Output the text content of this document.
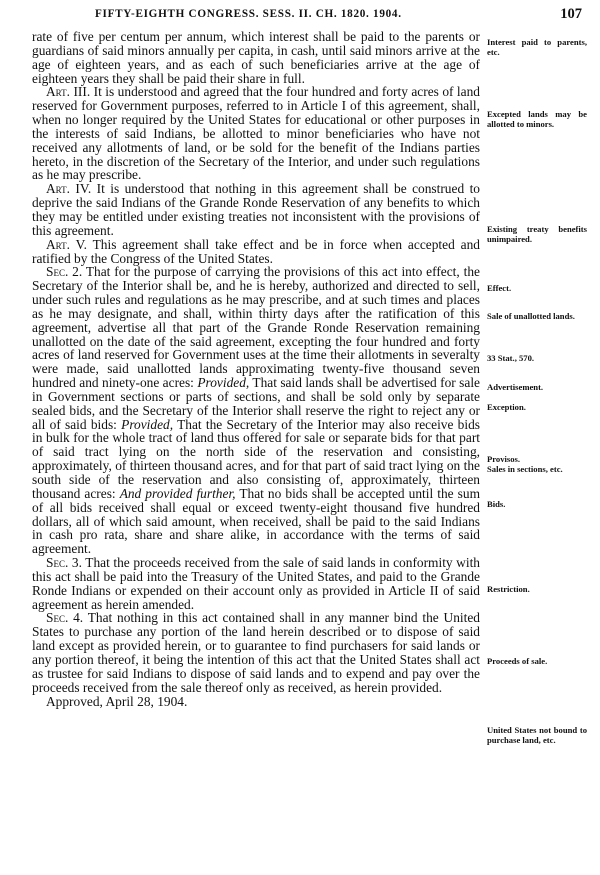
FIFTY-EIGHTH CONGRESS. SESS. II. CH. 1820. 1904.	107

rate of five per centum per annum, which interest shall be paid to the parents or guardians of said minors annually per capita, in cash, until said minors arrive at the age of eighteen years, and as each of such beneficiaries arrive at the age of eighteen years they shall be paid their share in full.

Art. III. It is understood and agreed that the four hundred and forty acres of land reserved for Government purposes, referred to in Article I of this agreement, shall, when no longer required by the United States for educational or other purposes in the interests of said Indians, be allotted to minor beneficiaries who have not received any allotments of land, or be sold for the benefit of the Indians parties hereto, in the discretion of the Secretary of the Interior, and under such regulations as he may prescribe.

Art. IV. It is understood that nothing in this agreement shall be construed to deprive the said Indians of the Grande Ronde Reservation of any benefits to which they may be entitled under existing treaties not inconsistent with the provisions of this agreement.

Art. V. This agreement shall take effect and be in force when accepted and ratified by the Congress of the United States.

Sec. 2. That for the purpose of carrying the provisions of this act into effect, the Secretary of the Interior shall be, and he is hereby, authorized and directed to sell, under such rules and regulations as he may prescribe, and at such times and places as he may designate, and shall, within thirty days after the ratification of this agreement, advertise all that part of the Grande Ronde Reservation remaining unallotted on the date of the said agreement, excepting the four hundred and forty acres of land reserved for Government uses at the time their allotments in severalty were made, said unallotted lands approximating twenty-five thousand seven hundred and ninety-one acres: Provided, That said lands shall be advertised for sale in Government sections or parts of sections, and shall be sold only by separate sealed bids, and the Secretary of the Interior shall reserve the right to reject any or all of said bids: Provided, That the Secretary of the Interior may also receive bids in bulk for the whole tract of land thus offered for sale or separate bids for that part of said tract lying on the north side of the reservation and consisting, approximately, of thirteen thousand acres, and for that part of said tract lying on the south side of the reservation and also consisting of, approximately, thirteen thousand acres: And provided further, That no bids shall be accepted until the sum of all bids received shall equal or exceed twenty-eight thousand five hundred dollars, all of which said amount, when received, shall be paid to the said Indians in cash pro rata, share and share alike, in accordance with the terms of said agreement.

Sec. 3. That the proceeds received from the sale of said lands in conformity with this act shall be paid into the Treasury of the United States, and paid to the Grande Ronde Indians or expended on their account only as provided in Article II of said agreement as herein amended.

Sec. 4. That nothing in this act contained shall in any manner bind the United States to purchase any portion of the land herein described or to dispose of said land except as provided herein, or to guarantee to find purchasers for said lands or any portion thereof, it being the intention of this act that the United States shall act as trustee for said Indians to dispose of said lands and to expend and pay over the proceeds received from the sale thereof only as received, as herein provided.

Approved, April 28, 1904.

Interest paid to parents, etc.
Excepted lands may be allotted to minors.
Existing treaty benefits unimpaired.
Effect.
Sale of unallotted lands.
33 Stat., 570.
Advertisement.
Exception.
Provisos.
Sales in sections, etc.
Bids.
Restriction.
Proceeds of sale.
United States not bound to purchase land, etc.
